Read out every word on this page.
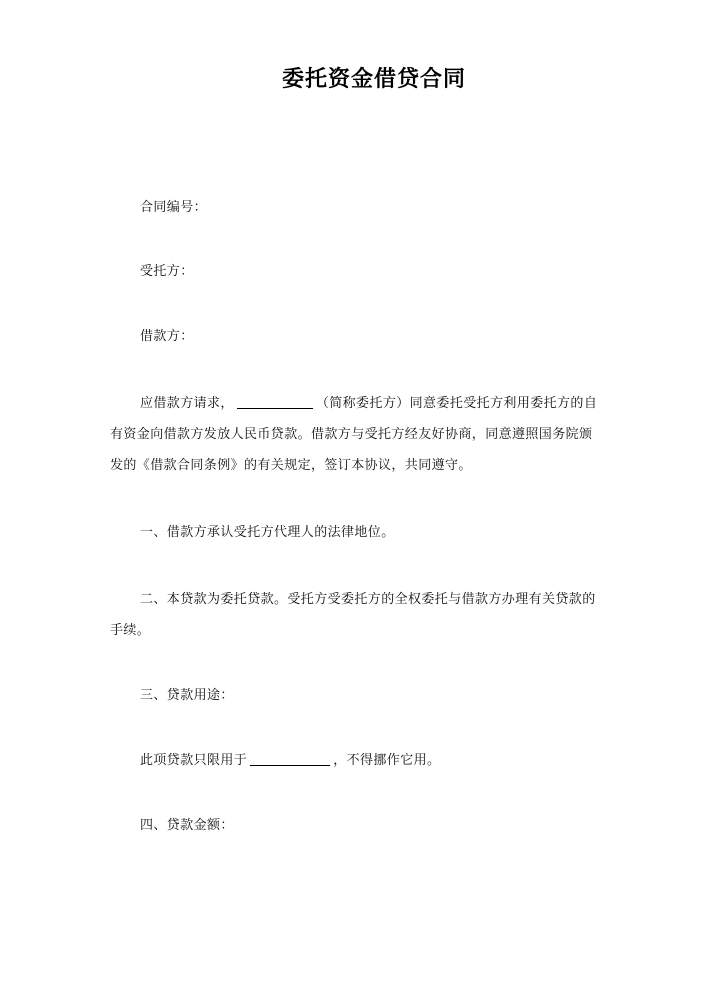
委托资金借贷合同
合同编号：
受托方：
借款方：
应借款方请求，	（简称委托方）同意委托受托方利用委托方的自
有资金向借款方发放人民币贷款。借款方与受托方经友好协商，同意遵照国务院颁
发的《借款合同条例》的有关规定，签订本协议，共同遵守。
一、借款方承认受托方代理人的法律地位。
二、本贷款为委托贷款。受托方受委托方的全权委托与借款方办理有关贷款的
手续。
三、贷款用途：
此项贷款只限用于	，不得挪作它用。
四、贷款金额：
